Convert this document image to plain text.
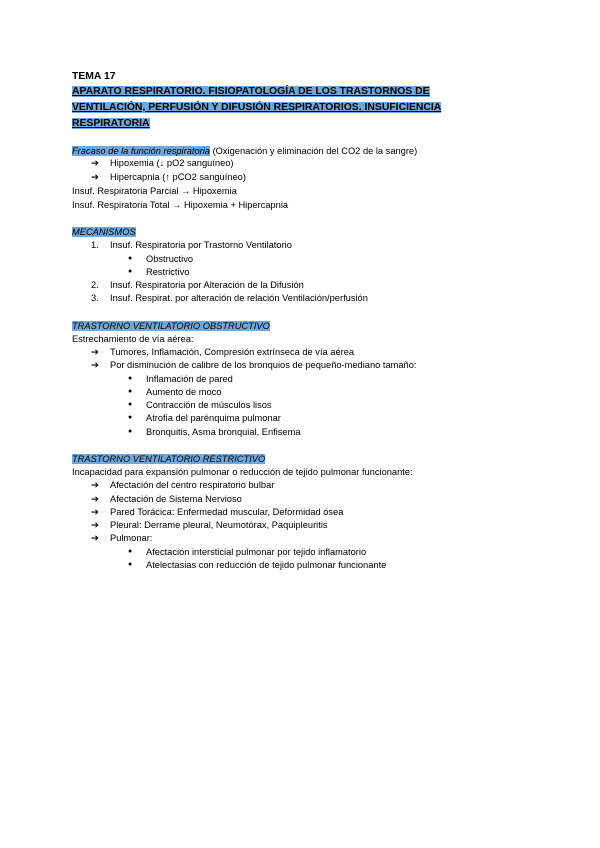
TEMA 17
APARATO RESPIRATORIO. FISIOPATOLOGÍA DE LOS TRASTORNOS DE
VENTILACIÓN, PERFUSIÓN Y DIFUSIÓN RESPIRATORIOS. INSUFICIENCIA
RESPIRATORIA
Fracaso de la función respiratoria (Oxigenación y eliminación del CO2 de la sangre)
➔ Hipoxemia (↓ pO2 sanguíneo)
➔ Hipercapnia (↑ pCO2 sanguíneo)
Insuf. Respiratoria Parcial → Hipoxemia
Insuf. Respiratoria Total → Hipoxemia + Hipercapnia
MECANISMOS
1. Insuf. Respiratoria por Trastorno Ventilatorio
● Obstructivo
● Restrictivo
2. Insuf. Respiratoria por Alteración de la Difusión
3. Insuf. Respirat. por alteración de relación Ventilación/perfusión
TRASTORNO VENTILATORIO OBSTRUCTIVO
Estrechamiento de vía aérea:
➔ Tumores, Inflamación, Compresión extrínseca de vía aérea
➔ Por disminución de calibre de los bronquios de pequeño-mediano tamaño:
● Inflamación de pared
● Aumento de moco
● Contracción de músculos lisos
● Atrofia del parénquima pulmonar
● Bronquitis, Asma bronquial, Enfisema
TRASTORNO VENTILATORIO RESTRICTIVO
Incapacidad para expansión pulmonar o reducción de tejido pulmonar funcionante:
➔ Afectación del centro respiratorio bulbar
➔ Afectación de Sistema Nervioso
➔ Pared Torácica: Enfermedad muscular, Deformidad ósea
➔ Pleural: Derrame pleural, Neumotórax, Paquipleuritis
➔ Pulmonar:
● Afectación intersticial pulmonar por tejido inflamatorio
● Atelectasias con reducción de tejido pulmonar funcionante
